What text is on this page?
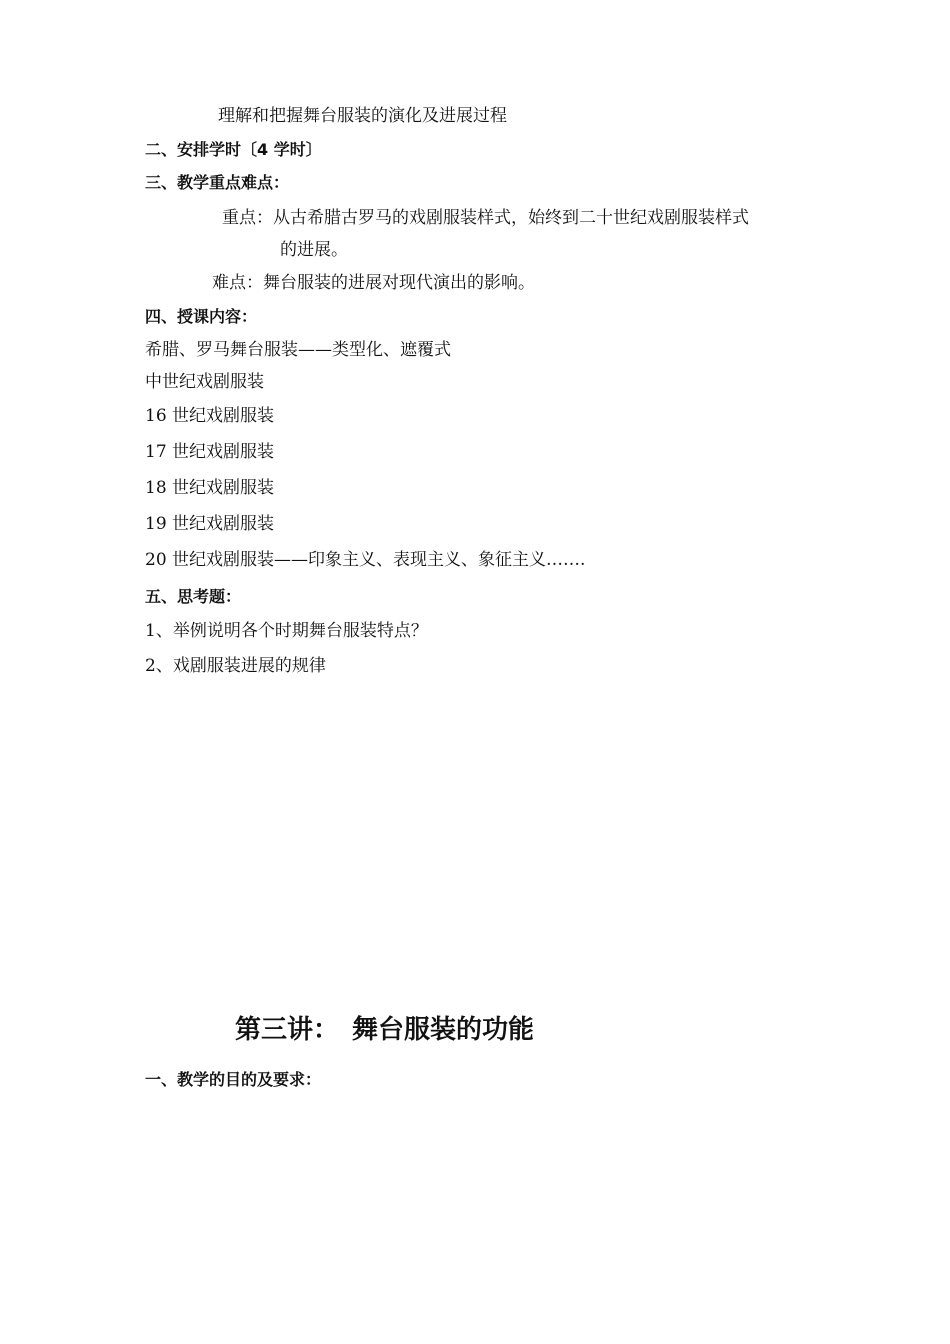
理解和把握舞台服装的演化及进展过程
二、安排学时〔4 学时〕
三、教学重点难点：
重点：从古希腊古罗马的戏剧服装样式，始终到二十世纪戏剧服装样式
的进展。
难点：舞台服装的进展对现代演出的影响。
四、授课内容：
希腊、罗马舞台服装——类型化、遮覆式
中世纪戏剧服装
16 世纪戏剧服装
17 世纪戏剧服装
18 世纪戏剧服装
19 世纪戏剧服装
20 世纪戏剧服装——印象主义、表现主义、象征主义…….
五、思考题：
1、举例说明各个时期舞台服装特点？
2、戏剧服装进展的规律
第三讲：　舞台服装的功能
一、教学的目的及要求：
